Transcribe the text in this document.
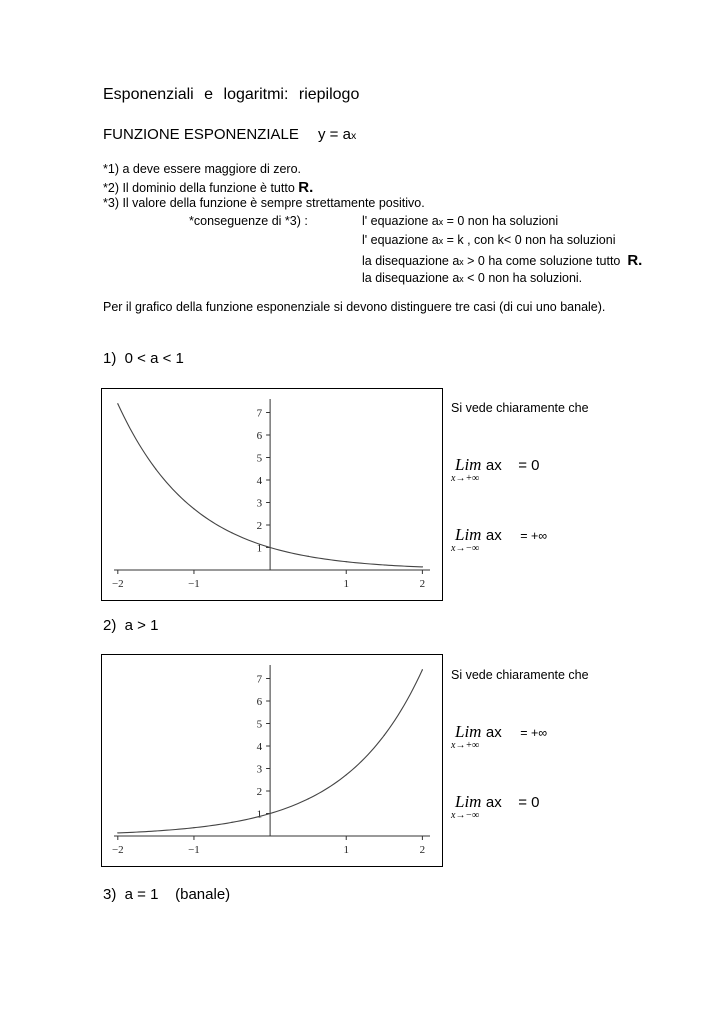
Esponenziali e logaritmi: riepilogo
FUNZIONE ESPONENZIALE $y = a^x$
*1) a deve essere maggiore di zero.
*2) Il dominio della funzione è tutto R.
*3) Il valore della funzione è sempre strettamente positivo.
*conseguenze di *3) :	l' equazione $a^x = 0$ non ha soluzioni
l' equazione $a^x = k$ , con k< 0 non ha soluzioni
la disequazione $a^x > 0$ ha come soluzione tutto R.
la disequazione $a^x < 0$ non ha soluzioni.
Per il grafico della funzione esponenziale si devono distinguere tre casi (di cui uno banale).
1)  0 < a < 1
−2	−1	1	2
1
2
3
4
5
6
7	Si vede chiaramente che
Lim $a^x = 0$
x→+∞
Lim $a^x$ = +∞
x→−∞
2)  a > 1
−2	−1	1	2
1
2
3
4
5
6
7	Si vede chiaramente che
Lim $a^x$ = +∞
x→+∞
Lim $a^x = 0$
x→−∞
3)  a = 1    (banale)
